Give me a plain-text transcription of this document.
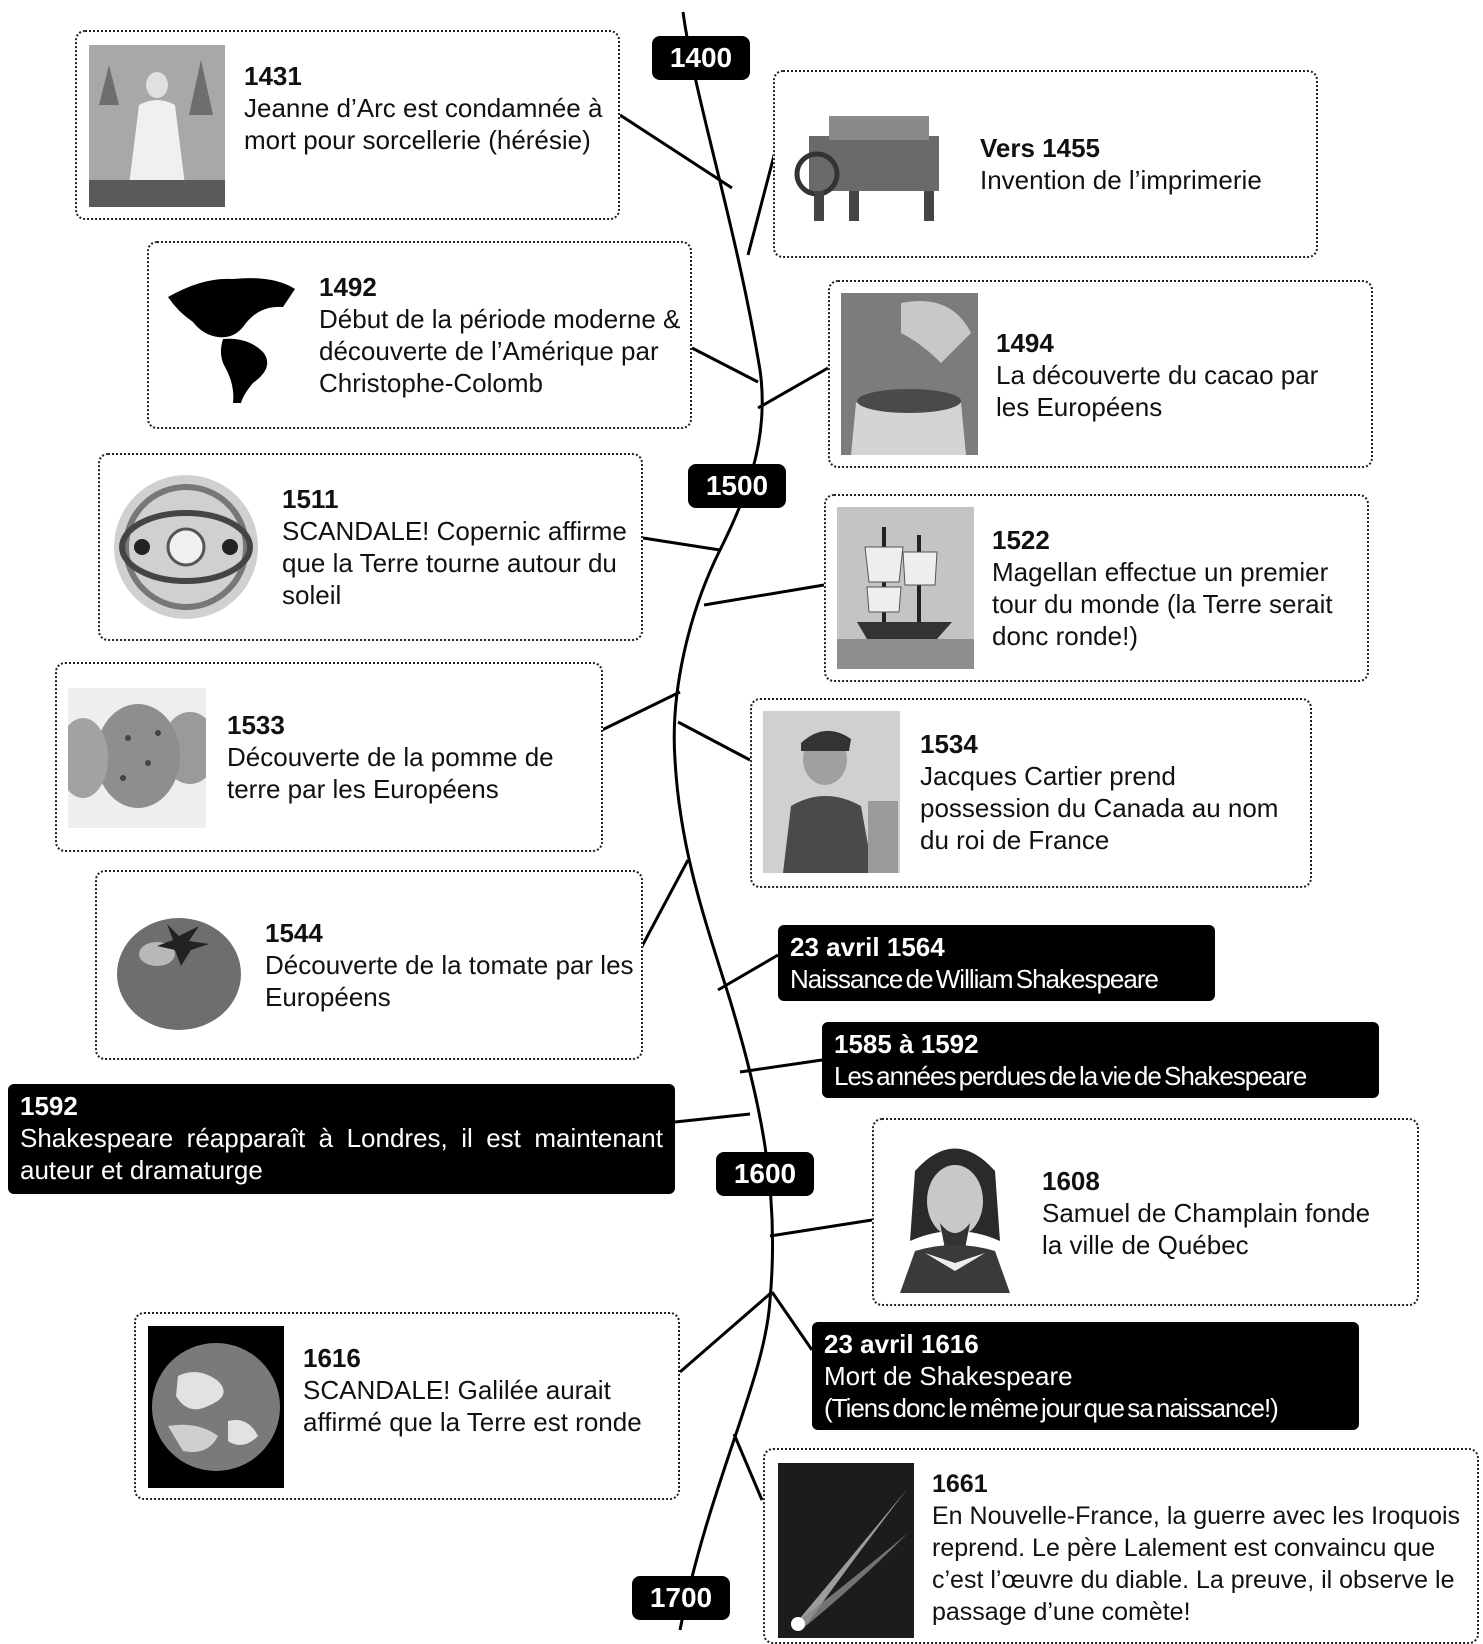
1400
1500
1600
1700
1431
Jeanne d’Arc est condamnée à mort pour sorcellerie (hérésie)	Vers 1455
Invention de l’imprimerie
1492
Début de la période moderne & découverte de l’Amérique par Christophe-Colomb
1494
La découverte du cacao par les Européens
1511
SCANDALE! Copernic affirme que la Terre tourne autour du soleil
1522
Magellan effectue un premier tour du monde (la Terre serait donc ronde!)
1533
Découverte de la pomme de terre par les Européens
1534
Jacques Cartier prend possession du Canada au nom du roi de France
1544
Découverte de la tomate par les Européens
23 avril 1564
Naissance de William Shakespeare
1585 à 1592
Les années perdues de la vie de Shakespeare
1592
Shakespeare réapparaît à Londres, il est maintenant auteur et dramaturge	1608
Samuel de Champlain fonde la ville de Québec
23 avril 1616
Mort de Shakespeare
(Tiens donc le même jour que sa naissance!)
1616
SCANDALE! Galilée aurait affirmé que la Terre est ronde
1661
En Nouvelle-France, la guerre avec les Iroquois reprend. Le père Lalement est convaincu que c’est l’œuvre du diable. La preuve, il observe le passage d’une comète!
